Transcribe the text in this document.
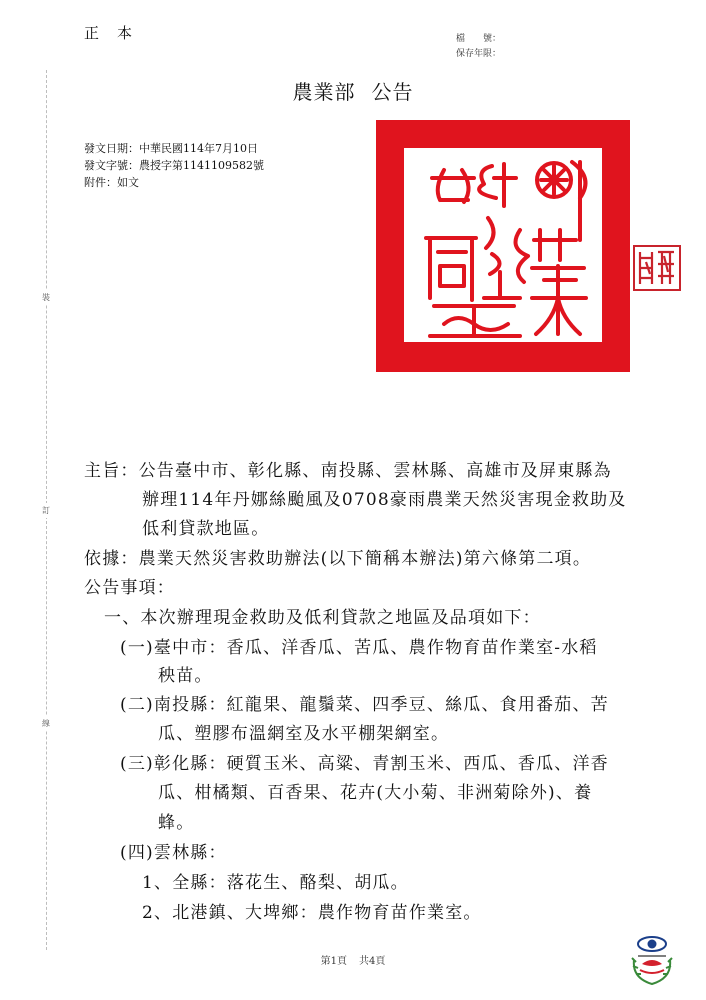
正本	檔　　號：
保存年限：
裝
訂
線
農業部 公告
發文日期：中華民國114年7月10日
發文字號：農授字第1141109582號
附件：如文
主旨：公告臺中市、彰化縣、南投縣、雲林縣、高雄市及屏東縣為
辦理114年丹娜絲颱風及0708豪雨農業天然災害現金救助及
低利貸款地區。
依據：農業天然災害救助辦法(以下簡稱本辦法)第六條第二項。
公告事項：
一、本次辦理現金救助及低利貸款之地區及品項如下：
(一)臺中市：香瓜、洋香瓜、苦瓜、農作物育苗作業室-水稻
秧苗。
(二)南投縣：紅龍果、龍鬚菜、四季豆、絲瓜、食用番茄、苦
瓜、塑膠布溫網室及水平棚架網室。
(三)彰化縣：硬質玉米、高粱、青割玉米、西瓜、香瓜、洋香
瓜、柑橘類、百香果、花卉(大小菊、非洲菊除外)、養
蜂。
(四)雲林縣：
1、全縣：落花生、酪梨、胡瓜。
2、北港鎮、大埤鄉：農作物育苗作業室。
第1頁 共4頁
